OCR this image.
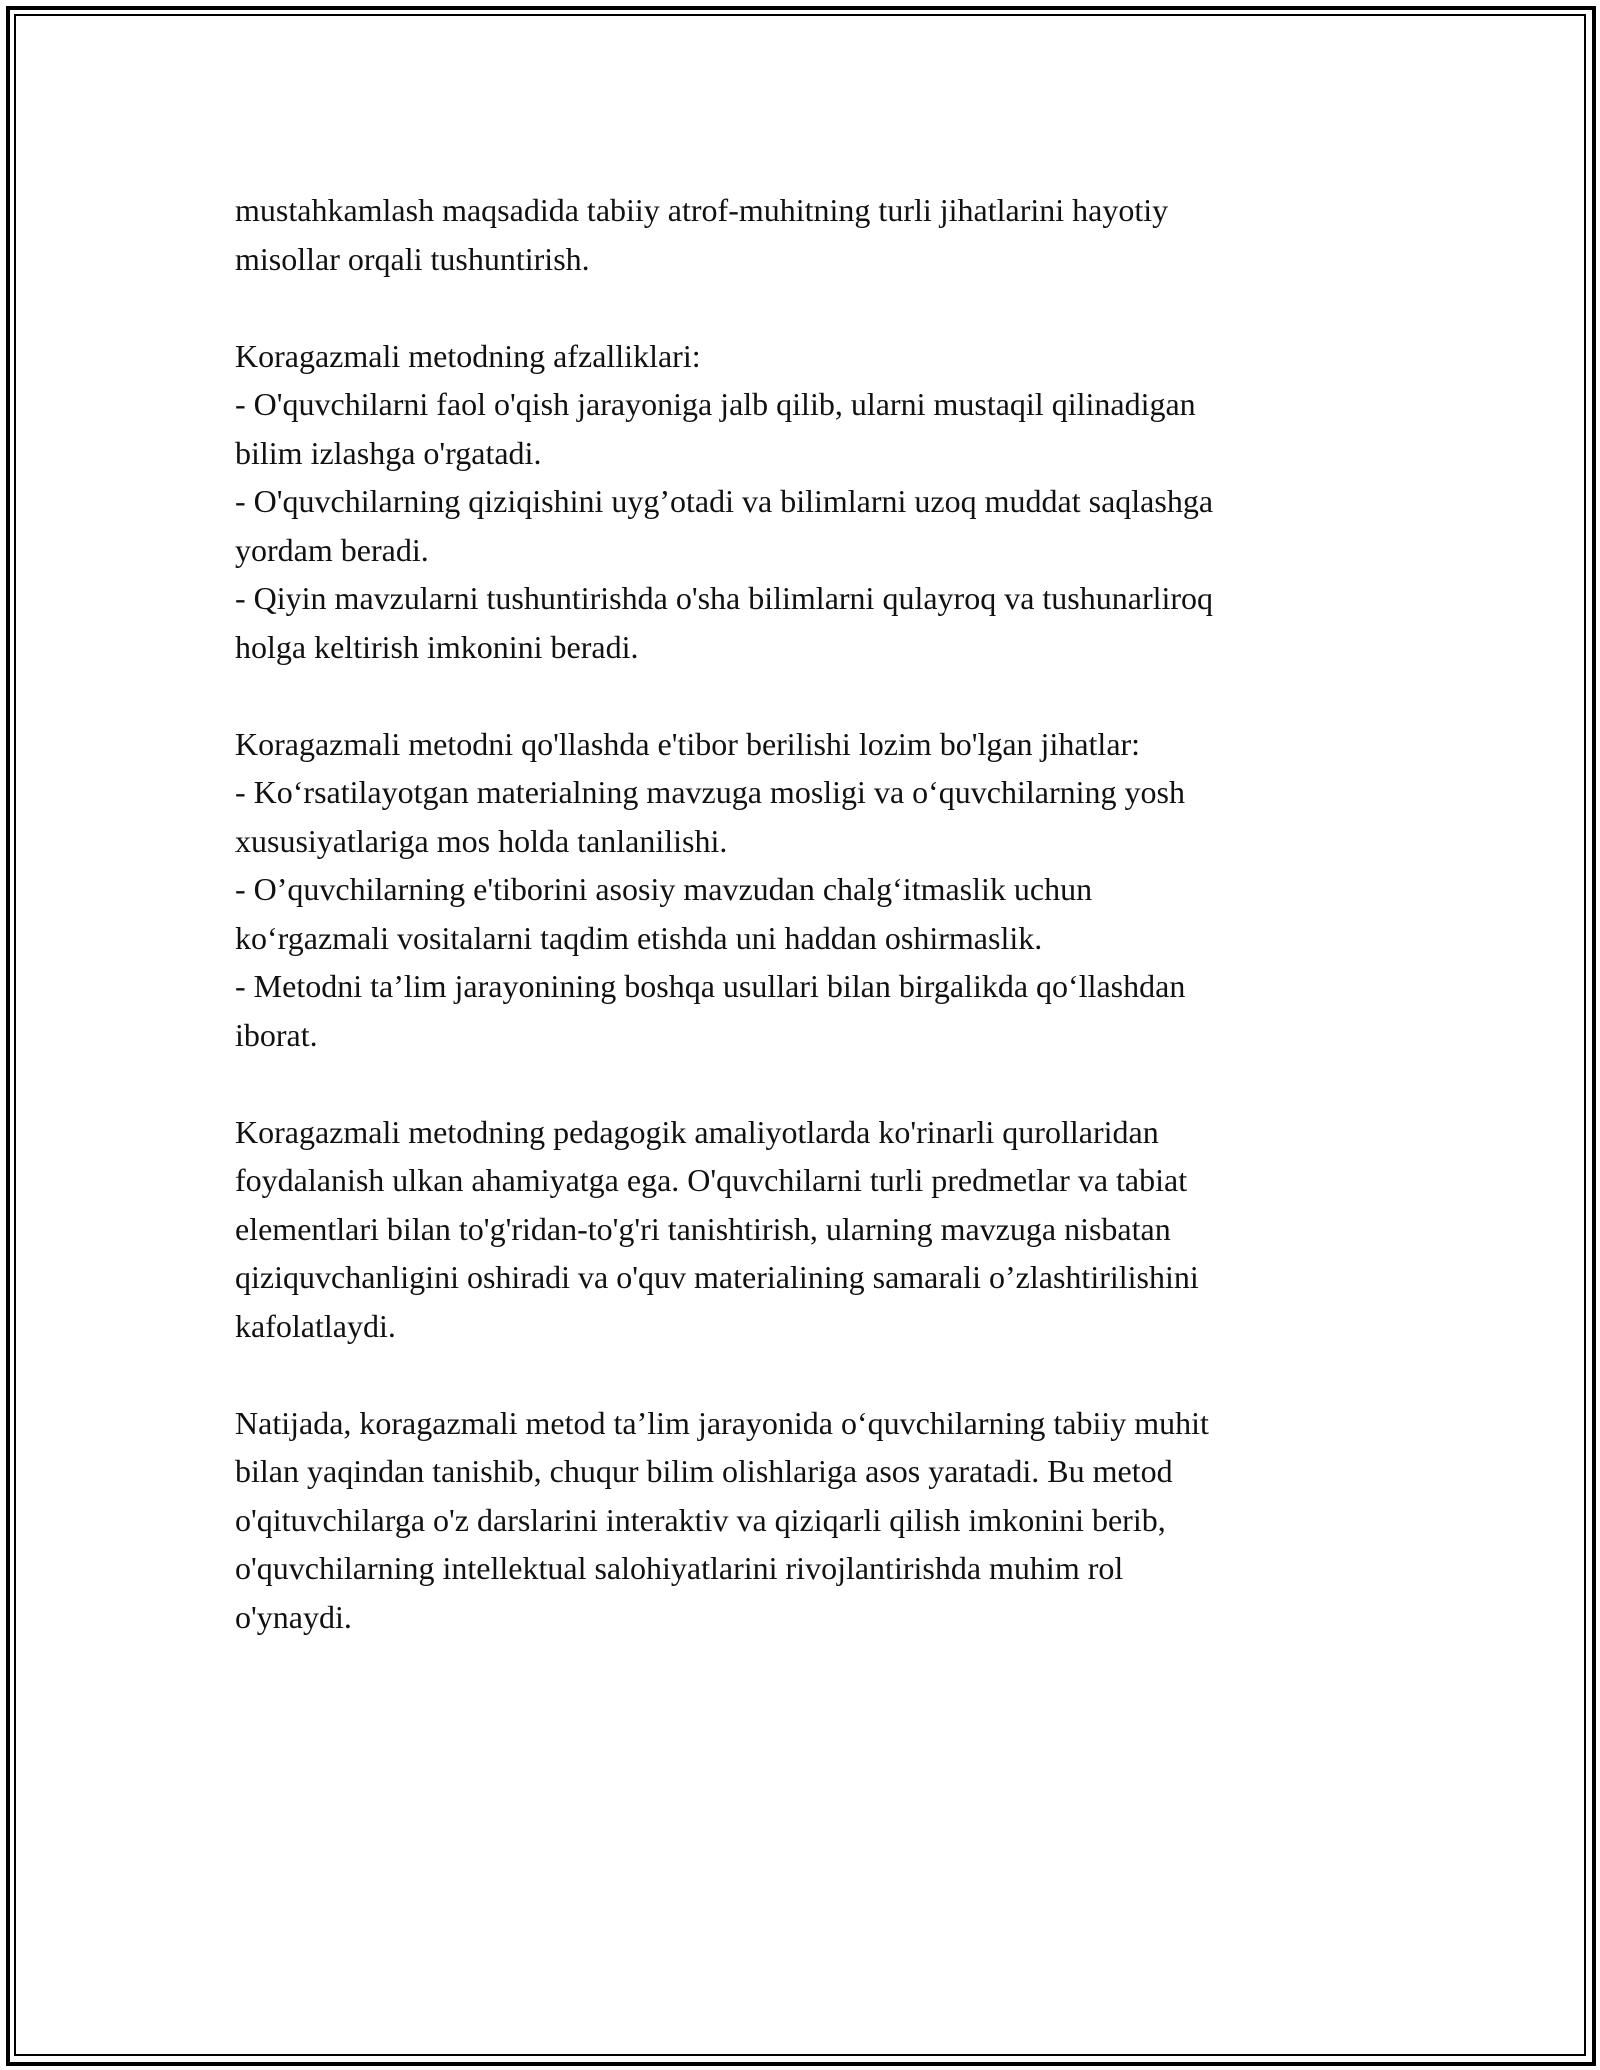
mustahkamlash maqsadida tabiiy atrof-muhitning turli jihatlarini hayotiy
misollar orqali tushuntirish.
Koragazmali metodning afzalliklari:
- O'quvchilarni faol o'qish jarayoniga jalb qilib, ularni mustaqil qilinadigan
bilim izlashga o'rgatadi.
- O'quvchilarning qiziqishini uyg’otadi va bilimlarni uzoq muddat saqlashga
yordam beradi.
- Qiyin mavzularni tushuntirishda o'sha bilimlarni qulayroq va tushunarliroq
holga keltirish imkonini beradi.
Koragazmali metodni qo'llashda e'tibor berilishi lozim bo'lgan jihatlar:
- Ko‘rsatilayotgan materialning mavzuga mosligi va o‘quvchilarning yosh
xususiyatlariga mos holda tanlanilishi.
- O’quvchilarning e'tiborini asosiy mavzudan chalg‘itmaslik uchun
ko‘rgazmali vositalarni taqdim etishda uni haddan oshirmaslik.
- Metodni ta’lim jarayonining boshqa usullari bilan birgalikda qo‘llashdan
iborat.
Koragazmali metodning pedagogik amaliyotlarda ko'rinarli qurollaridan
foydalanish ulkan ahamiyatga ega. O'quvchilarni turli predmetlar va tabiat
elementlari bilan to'g'ridan-to'g'ri tanishtirish, ularning mavzuga nisbatan
qiziquvchanligini oshiradi va o'quv materialining samarali o’zlashtirilishini
kafolatlaydi.
Natijada, koragazmali metod ta’lim jarayonida o‘quvchilarning tabiiy muhit
bilan yaqindan tanishib, chuqur bilim olishlariga asos yaratadi. Bu metod
o'qituvchilarga o'z darslarini interaktiv va qiziqarli qilish imkonini berib,
o'quvchilarning intellektual salohiyatlarini rivojlantirishda muhim rol
o'ynaydi.
